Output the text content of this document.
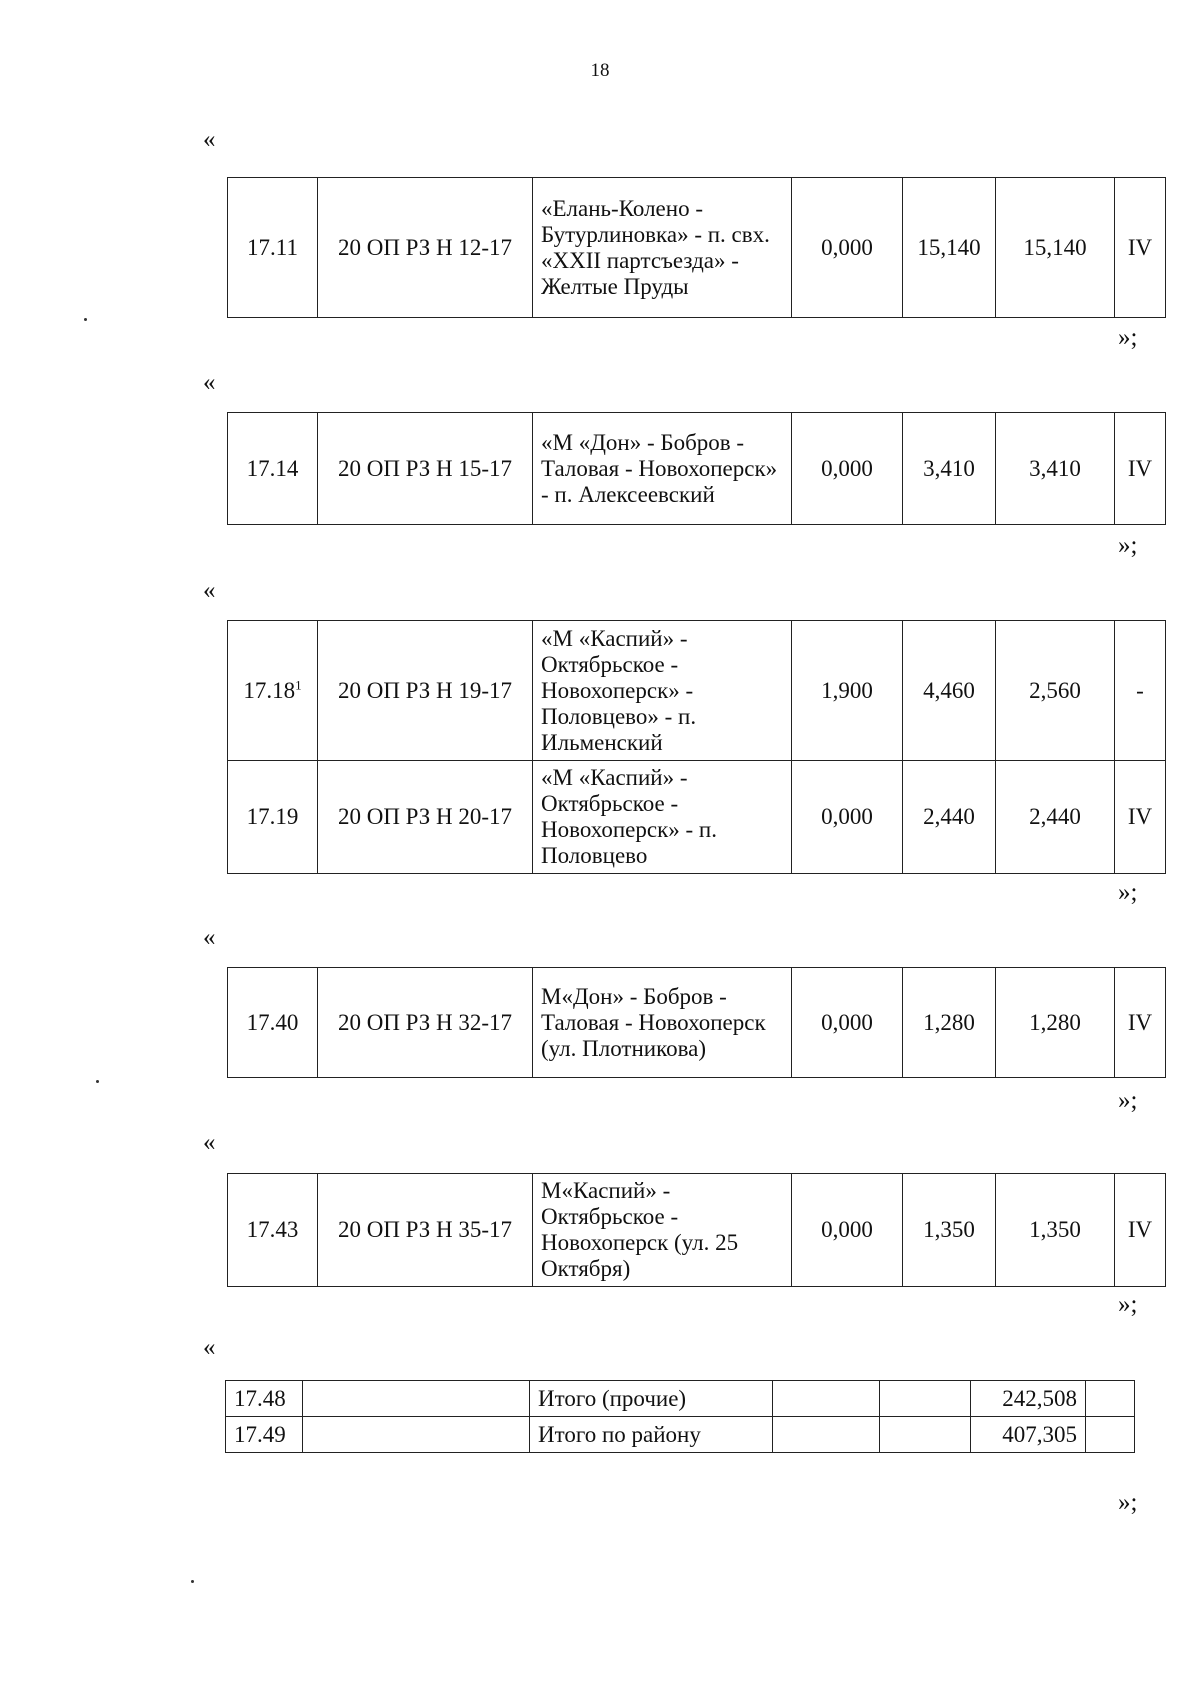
18
«
17.11	20 ОП РЗ Н 12-17	«Елань-Колено - Бутурлиновка» - п. свх. «XXII партсъезда» - Желтые Пруды	0,000	15,140	15,140	IV
»;
«
17.14	20 ОП РЗ Н 15-17	«М «Дон» - Бобров - Таловая - Новохоперск» - п. Алексеевский	0,000	3,410	3,410	IV
»;
«
17.18$^1$	20 ОП РЗ Н 19-17	«М «Каспий» - Октябрьское - Новохоперск» - Половцево» - п. Ильменский	1,900	4,460	2,560	-
17.19	20 ОП РЗ Н 20-17	«М «Каспий» - Октябрьское - Новохоперск» - п. Половцево	0,000	2,440	2,440	IV
»;
«
17.40	20 ОП РЗ Н 32-17	М«Дон» - Бобров - Таловая - Новохоперск (ул. Плотникова)	0,000	1,280	1,280	IV
»;
«
17.43	20 ОП РЗ Н 35-17	М«Каспий» - Октябрьское - Новохоперск (ул. 25 Октября)	0,000	1,350	1,350	IV
»;
«
17.48		Итого (прочие)			242,508	
17.49		Итого по району			407,305	
»;
